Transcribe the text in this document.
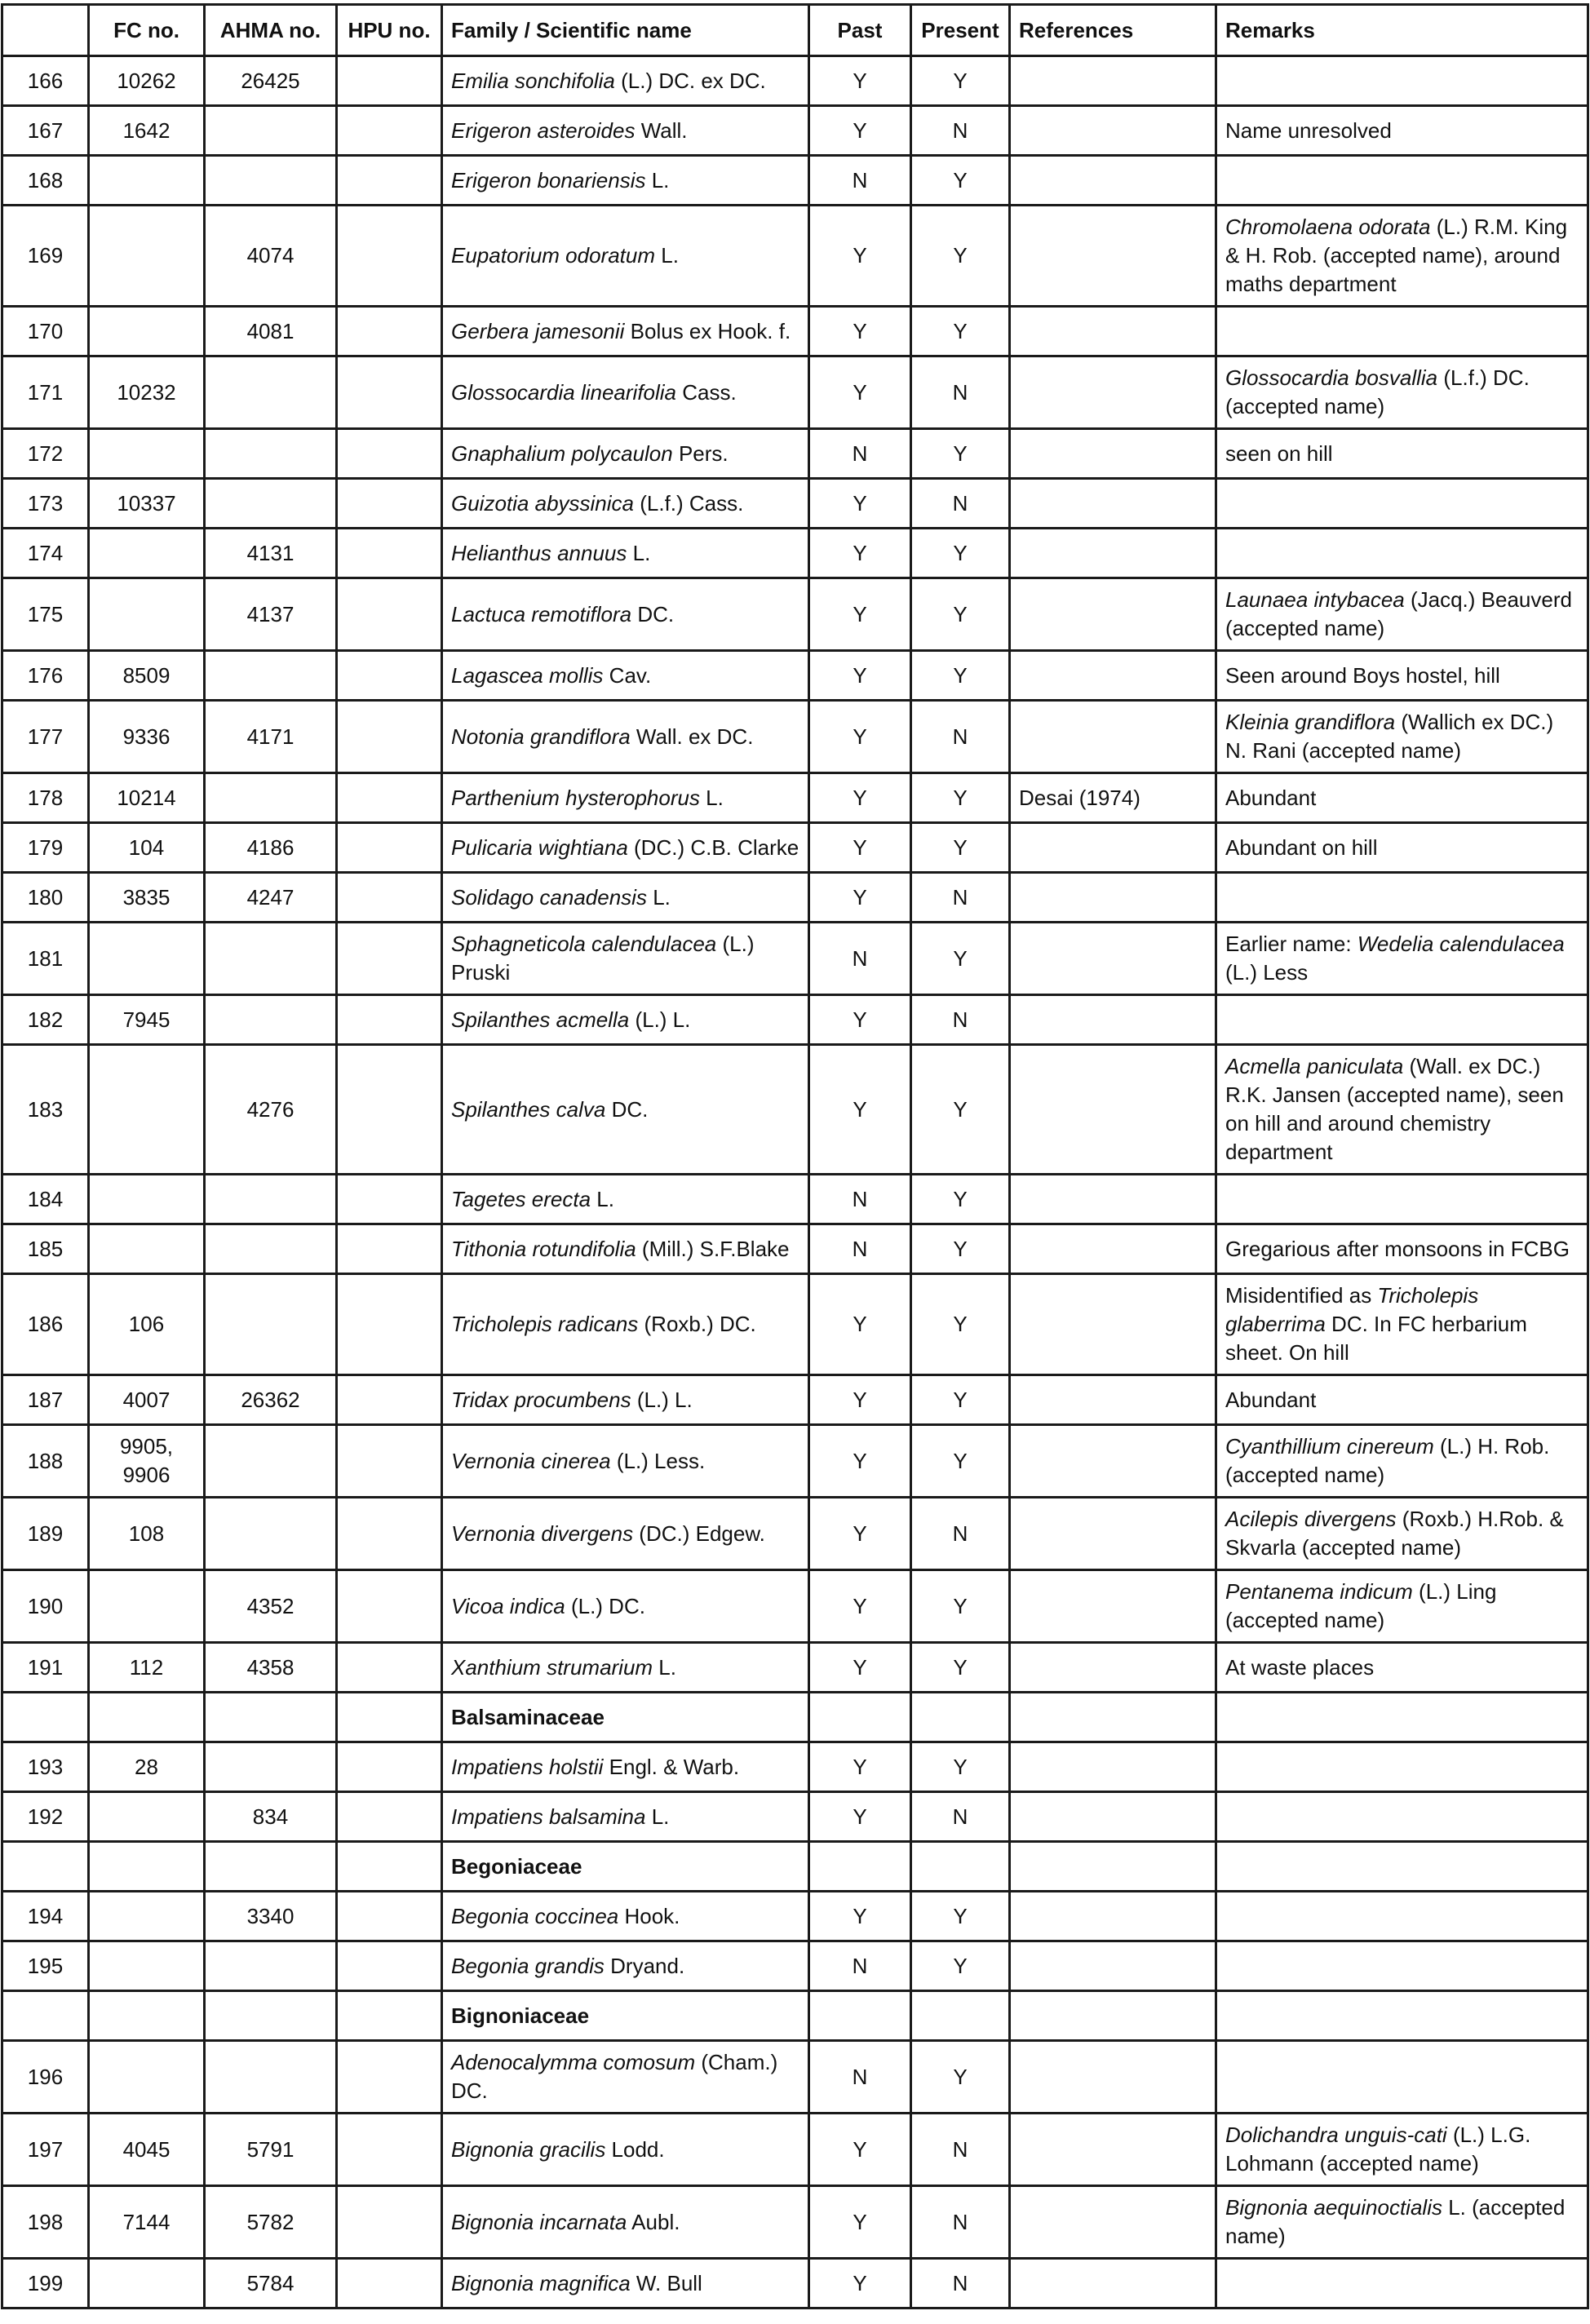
	FC no.	AHMA no.	HPU no.	Family / Scientific name	Past	Present	References	Remarks
166	10262	26425		Emilia sonchifolia (L.) DC. ex DC.	Y	Y		
167	1642			Erigeron asteroides Wall.	Y	N		Name unresolved
168				Erigeron bonariensis L.	N	Y		
169		4074		Eupatorium odoratum L.	Y	Y		Chromolaena odorata (L.) R.M. King & H. Rob. (accepted name), around maths department
170		4081		Gerbera jamesonii Bolus ex Hook. f.	Y	Y		
171	10232			Glossocardia linearifolia Cass.	Y	N		Glossocardia bosvallia (L.f.) DC. (accepted name)
172				Gnaphalium polycaulon Pers.	N	Y		seen on hill
173	10337			Guizotia abyssinica (L.f.) Cass.	Y	N		
174		4131		Helianthus annuus L.	Y	Y		
175		4137		Lactuca remotiflora DC.	Y	Y		Launaea intybacea (Jacq.) Beauverd (accepted name)
176	8509			Lagascea mollis Cav.	Y	Y		Seen around Boys hostel, hill
177	9336	4171		Notonia grandiflora Wall. ex DC.	Y	N		Kleinia grandiflora (Wallich ex DC.) N. Rani (accepted name)
178	10214			Parthenium hysterophorus L.	Y	Y	Desai (1974)	Abundant
179	104	4186		Pulicaria wightiana (DC.) C.B. Clarke	Y	Y		Abundant on hill
180	3835	4247		Solidago canadensis L.	Y	N		
181				Sphagneticola calendulacea (L.) Pruski	N	Y		Earlier name: Wedelia calendulacea (L.) Less
182	7945			Spilanthes acmella (L.) L.	Y	N		
183		4276		Spilanthes calva DC.	Y	Y		Acmella paniculata (Wall. ex DC.) R.K. Jansen (accepted name), seen on hill and around chemistry department
184				Tagetes erecta L.	N	Y		
185				Tithonia rotundifolia (Mill.) S.F.Blake	N	Y		Gregarious after monsoons in FCBG
186	106			Tricholepis radicans (Roxb.) DC.	Y	Y		Misidentified as Tricholepis glaberrima DC. In FC herbarium sheet. On hill
187	4007	26362		Tridax procumbens (L.) L.	Y	Y		Abundant
188	9905, 9906			Vernonia cinerea (L.) Less.	Y	Y		Cyanthillium cinereum (L.) H. Rob. (accepted name)
189	108			Vernonia divergens (DC.) Edgew.	Y	N		Acilepis divergens (Roxb.) H.Rob. & Skvarla (accepted name)
190		4352		Vicoa indica (L.) DC.	Y	Y		Pentanema indicum (L.) Ling (accepted name)
191	112	4358		Xanthium strumarium L.	Y	Y		At waste places
				Balsaminaceae				
193	28			Impatiens holstii Engl. & Warb.	Y	Y		
192		834		Impatiens balsamina L.	Y	N		
				Begoniaceae				
194		3340		Begonia coccinea Hook.	Y	Y		
195				Begonia grandis Dryand.	N	Y		
				Bignoniaceae				
196				Adenocalymma comosum (Cham.) DC.	N	Y		
197	4045	5791		Bignonia gracilis Lodd.	Y	N		Dolichandra unguis-cati (L.) L.G. Lohmann (accepted name)
198	7144	5782		Bignonia incarnata Aubl.	Y	N		Bignonia aequinoctialis L. (accepted name)
199		5784		Bignonia magnifica W. Bull	Y	N		
